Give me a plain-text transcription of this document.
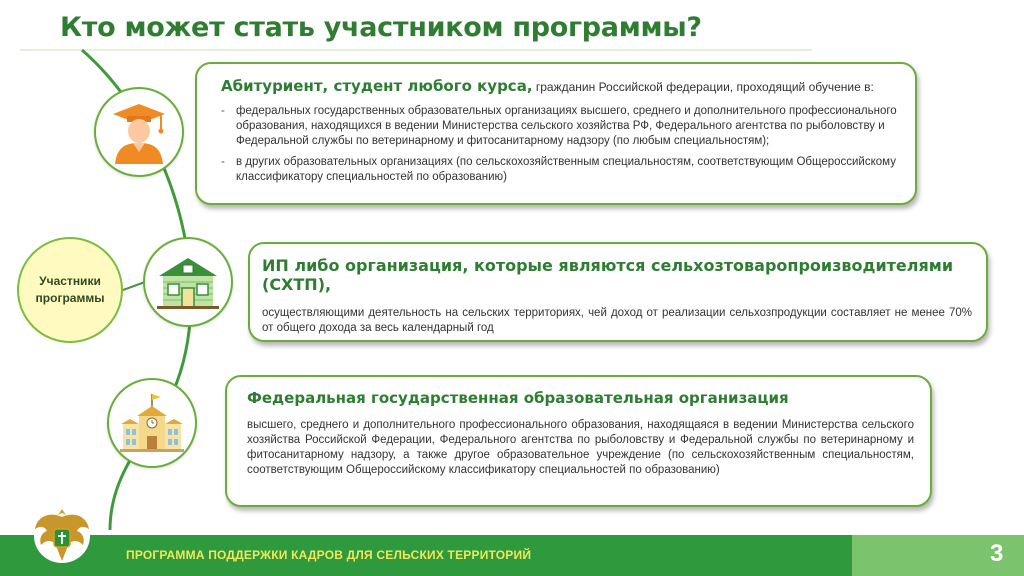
Кто может стать участником программы?
Участники программы
Абитуриент, студент любого курса, гражданин Российской федерации, проходящий обучение в:
- федеральных государственных образовательных организациях высшего, среднего и дополнительного профессионального образования, находящихся в ведении Министерства сельского хозяйства РФ, Федерального агентства по рыболовству и Федеральной службы по ветеринарному и фитосанитарному надзору (по любым специальностям);
- в других образовательных организациях (по сельскохозяйственным специальностям, соответствующим Общероссийскому классификатору специальностей по образованию)
ИП либо организация, которые являются сельхозтоваропроизводителями (СХТП),
осуществляющими деятельность на сельских территориях, чей доход от реализации сельхозпродукции составляет не менее 70% от общего дохода за весь календарный год
Федеральная государственная образовательная организация
высшего, среднего и дополнительного профессионального образования, находящаяся в ведении Министерства сельского хозяйства Российской Федерации, Федерального агентства по рыболовству и Федеральной службы по ветеринарному и фитосанитарному надзору, а также другое образовательное учреждение (по сельскохозяйственным специальностям, соответствующим Общероссийскому классификатору специальностей по образованию)
ПРОГРАММА ПОДДЕРЖКИ КАДРОВ ДЛЯ СЕЛЬСКИХ ТЕРРИТОРИЙ	3
